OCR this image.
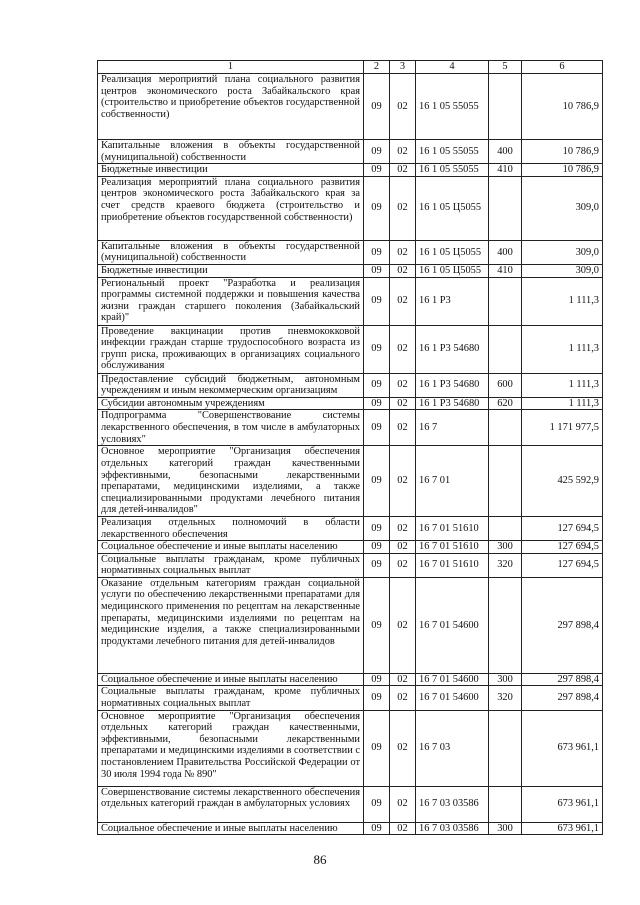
1	2	3	4	5	6
Реализация мероприятий плана социального развития центров экономического роста Забайкальского края (строительство и приобретение объектов государственной собственности)	09	02	16 1 05 55055		10 786,9
Капитальные вложения в объекты государственной (муниципальной) собственности	09	02	16 1 05 55055	400	10 786,9
Бюджетные инвестиции	09	02	16 1 05 55055	410	10 786,9
Реализация мероприятий плана социального развития центров экономического роста Забайкальского края за счет средств краевого бюджета (строительство и приобретение объектов государственной собственности)	09	02	16 1 05 Ц5055		309,0
Капитальные вложения в объекты государственной (муниципальной) собственности	09	02	16 1 05 Ц5055	400	309,0
Бюджетные инвестиции	09	02	16 1 05 Ц5055	410	309,0
Региональный проект "Разработка и реализация программы системной поддержки и повышения качества жизни граждан старшего поколения (Забайкальский край)"	09	02	16 1 P3		1 111,3
Проведение вакцинации против пневмококковой инфекции граждан старше трудоспособного возраста из групп риска, проживающих в организациях социального обслуживания	09	02	16 1 P3 54680		1 111,3
Предоставление субсидий бюджетным, автономным учреждениям и иным некоммерческим организациям	09	02	16 1 P3 54680	600	1 111,3
Субсидии автономным учреждениям	09	02	16 1 P3 54680	620	1 111,3
Подпрограмма "Совершенствование системы лекарственного обеспечения, в том числе в амбулаторных условиях"	09	02	16 7		1 171 977,5
Основное мероприятие "Организация обеспечения отдельных категорий граждан качественными эффективными, безопасными лекарственными препаратами, медицинскими изделиями, а также специализированными продуктами лечебного питания для детей-инвалидов"	09	02	16 7 01		425 592,9
Реализация отдельных полномочий в области лекарственного обеспечения	09	02	16 7 01 51610		127 694,5
Социальное обеспечение и иные выплаты населению	09	02	16 7 01 51610	300	127 694,5
Социальные выплаты гражданам, кроме публичных нормативных социальных выплат	09	02	16 7 01 51610	320	127 694,5
Оказание отдельным категориям граждан социальной услуги по обеспечению лекарственными препаратами для медицинского применения по рецептам на лекарственные препараты, медицинскими изделиями по рецептам на медицинские изделия, а также специализированными продуктами лечебного питания для детей-инвалидов	09	02	16 7 01 54600		297 898,4
Социальное обеспечение и иные выплаты населению	09	02	16 7 01 54600	300	297 898,4
Социальные выплаты гражданам, кроме публичных нормативных социальных выплат	09	02	16 7 01 54600	320	297 898,4
Основное мероприятие "Организация обеспечения отдельных категорий граждан качественными, эффективными, безопасными лекарственными препаратами и медицинскими изделиями в соответствии с постановлением Правительства Российской Федерации от 30 июля 1994 года № 890"	09	02	16 7 03		673 961,1
Совершенствование системы лекарственного обеспечения отдельных категорий граждан в амбулаторных условиях	09	02	16 7 03 03586		673 961,1
Социальное обеспечение и иные выплаты населению	09	02	16 7 03 03586	300	673 961,1
86
